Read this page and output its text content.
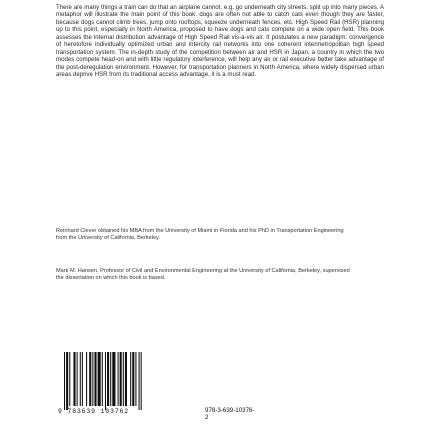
There are many things a train can do that an airplane cannot, e.g. go underneath city streets, split up into many pieces. A metaphor will illustrate the main point of this book: dogs are often not able to catch cats even though they are faster, because dogs cannot climb trees, jump onto rooftops, squeeze underneath fences, etc. High Speed Rail (HSR) planning up to this point, especially in North America, proposed to have dogs and cats compete on a wide open field. This book assesses the internal distribution advantage of High Speed Rail vis-a-vis air. It postulates a new paradigm: convergence of heretofore individually optimized urban and intercity rail networks into one coherent intermetropolitan high speed transportation system. The in-depth study of the competition between air and HSR in Japan, a country in which the two modes compete head-on and with little regulatory interference, will help any air or rail executive better take advantage of the post-deregulation environment. However, for transportation planners in North America, where widely dispersed urban areas deprive HSR from its traditional access advantage, it is a must read.
Reinhard Clever obtained his MBA from the University of Miami in Florida and his PhD in Transportation Engineering from the University of California, Berkeley.
Mark M. Hansen, Professor of Civil and Environmental Engineering at the University of California, Berkeley, supervised the dissertation on which this book is based.
9 783639 103762	978-3-639-10376-2
